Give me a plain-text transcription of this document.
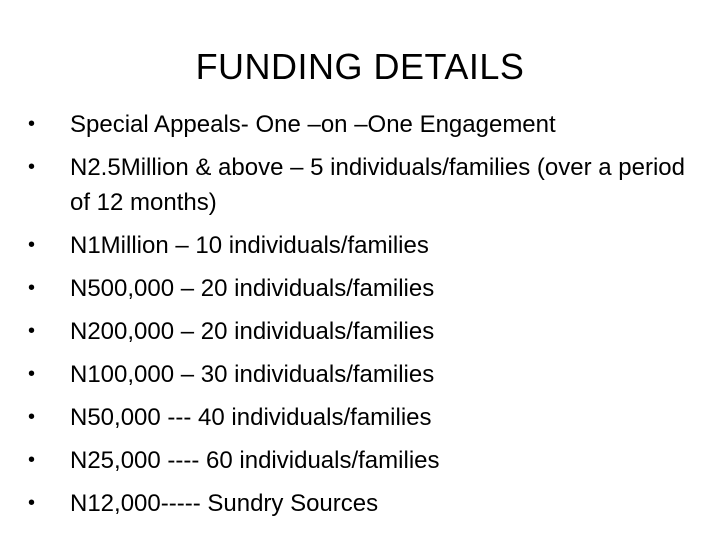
FUNDING DETAILS
•	Special Appeals- One –on –One Engagement
•	N2.5Million & above – 5 individuals/families (over a period of 12 months)
•	N1Million – 10 individuals/families
•	N500,000 – 20 individuals/families
•	N200,000 – 20 individuals/families
•	N100,000 – 30 individuals/families
•	N50,000 --- 40 individuals/families
•	N25,000 ---- 60 individuals/families
•	N12,000----- Sundry Sources
